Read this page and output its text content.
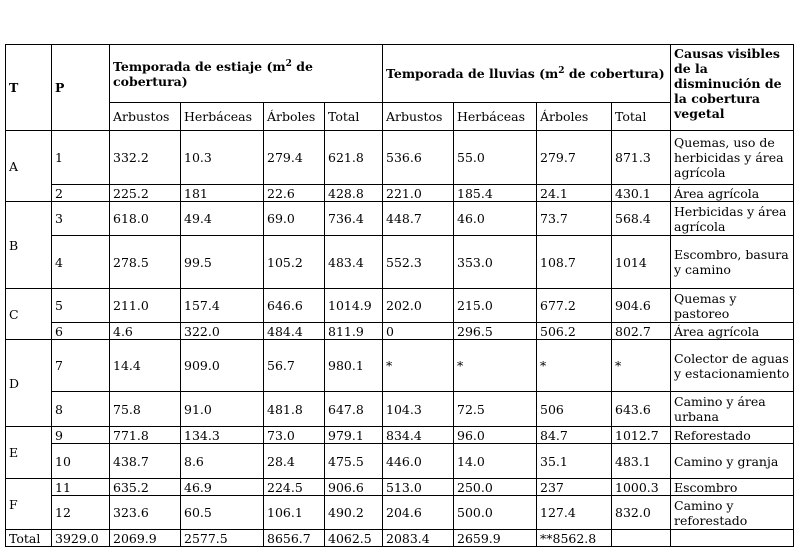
T	P	Temporada de estiaje ($m^2$ de cobertura)				Temporada de lluvias ($m^2$ de cobertura)				Causas visibles de la disminución de la cobertura vegetal
		Arbustos	Herbáceas	Árboles	Total	Arbustos	Herbáceas	Árboles	Total	
A	1	332.2	10.3	279.4	621.8	536.6	55.0	279.7	871.3	Quemas, uso de herbicidas y área agrícola
	2	225.2	181	22.6	428.8	221.0	185.4	24.1	430.1	Área agrícola
B	3	618.0	49.4	69.0	736.4	448.7	46.0	73.7	568.4	Herbicidas y área agrícola
	4	278.5	99.5	105.2	483.4	552.3	353.0	108.7	1014	Escombro, basura y camino
C	5	211.0	157.4	646.6	1014.9	202.0	215.0	677.2	904.6	Quemas y pastoreo
	6	4.6	322.0	484.4	811.9	0	296.5	506.2	802.7	Área agrícola
D	7	14.4	909.0	56.7	980.1	*	*	*	*	Colector de aguas y estacionamiento
	8	75.8	91.0	481.8	647.8	104.3	72.5	506	643.6	Camino y área urbana
E	9	771.8	134.3	73.0	979.1	834.4	96.0	84.7	1012.7	Reforestado
	10	438.7	8.6	28.4	475.5	446.0	14.0	35.1	483.1	Camino y granja
F	11	635.2	46.9	224.5	906.6	513.0	250.0	237	1000.3	Escombro
	12	323.6	60.5	106.1	490.2	204.6	500.0	127.4	832.0	Camino y reforestado
Total	3929.0	2069.9	2577.5	8656.7	4062.5	2083.4	2659.9	**8562.8		
